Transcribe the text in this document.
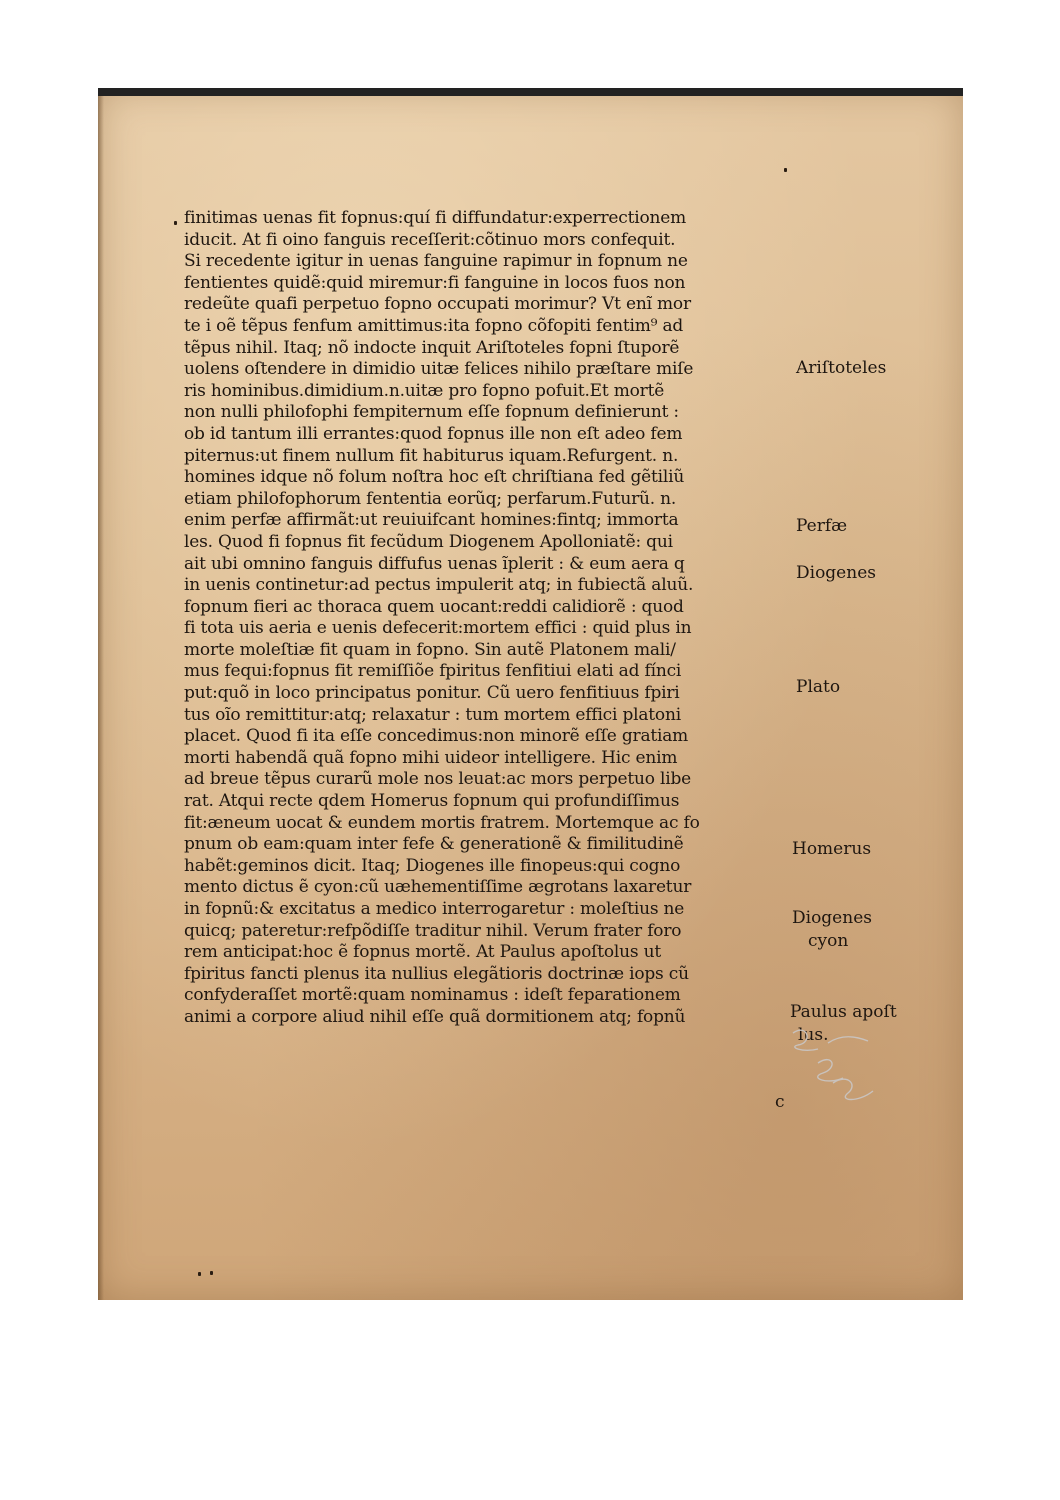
finitimas uenas fit fopnus:quí fi diffundatur:experrectionem
iducit. At fi oino fanguis receſſerit:cõtinuo mors confequit.
Si recedente igitur in uenas fanguine rapimur in fopnum ne
fentientes quidẽ:quid miremur:fi fanguine in locos fuos non
redeũte quafi perpetuo fopno occupati morimur? Vt enĩ mor
te i oẽ tẽpus fenfum amittimus:ita fopno cõfopiti fentim⁹ ad
tẽpus nihil. Itaq; nõ indocte inquit Ariſtoteles fopni ſtuporẽ
uolens oſtendere in dimidio uitæ felices nihilo præſtare miſe
ris hominibus.dimidium.n.uitæ pro fopno pofuit.Et mortẽ
non nulli philofophi fempiternum eſſe fopnum definierunt :
ob id tantum illi errantes:quod fopnus ille non eſt adeo fem
piternus:ut finem nullum fit habiturus iquam.Refurgent. n.
homines idque nõ folum noſtra hoc eſt chriſtiana fed gẽtiliũ
etiam philofophorum fententia eorũq; perfarum.Futurũ. n.
enim perfæ affirmãt:ut reuiuifcant homines:fintq; immorta
les. Quod fi fopnus fit fecũdum Diogenem Apolloniatẽ: qui
ait ubi omnino fanguis diffufus uenas ĩplerit : & eum aera q
in uenis continetur:ad pectus impulerit atq; in fubiectã aluũ.
fopnum fieri ac thoraca quem uocant:reddi calidiorẽ : quod
fi tota uis aeria e uenis defecerit:mortem effici : quid plus in
morte moleſtiæ fit quam in fopno. Sin autẽ Platonem mali/
mus fequi:fopnus fit remiſſiõe fpiritus fenfitiui elati ad fínci
put:quõ in loco principatus ponitur. Cũ uero fenfitiuus fpiri
tus oĩo remittitur:atq; relaxatur : tum mortem effici platoni
placet. Quod fi ita eſſe concedimus:non minorẽ eſſe gratiam
morti habendã quã fopno mihi uideor intelligere. Hic enim
ad breue tẽpus curarũ mole nos leuat:ac mors perpetuo libe
rat. Atqui recte qdem Homerus fopnum qui profundiſſimus
fit:æneum uocat & eundem mortis fratrem. Mortemque ac fo
pnum ob eam:quam inter fefe & generationẽ & fimilitudinẽ
habẽt:geminos dicit. Itaq; Diogenes ille finopeus:qui cogno
mento dictus ẽ cyon:cũ uæhementiſſime ægrotans laxaretur
in fopnũ:& excitatus a medico interrogaretur : moleſtius ne
quicq; pateretur:refpõdiſſe traditur nihil. Verum frater foro
rem anticipat:hoc ẽ fopnus mortẽ. At Paulus apoſtolus ut
fpiritus fancti plenus ita nullius elegãtioris doctrinæ iops cũ
confyderaſſet mortẽ:quam nominamus : ideſt feparationem
animi a corpore aliud nihil eſſe quã dormitionem atq; fopnũ
Ariſtoteles
Perfæ
Diogenes
Plato
Homerus
Diogenes
cyon
Paulus apoſt
lus.
c
